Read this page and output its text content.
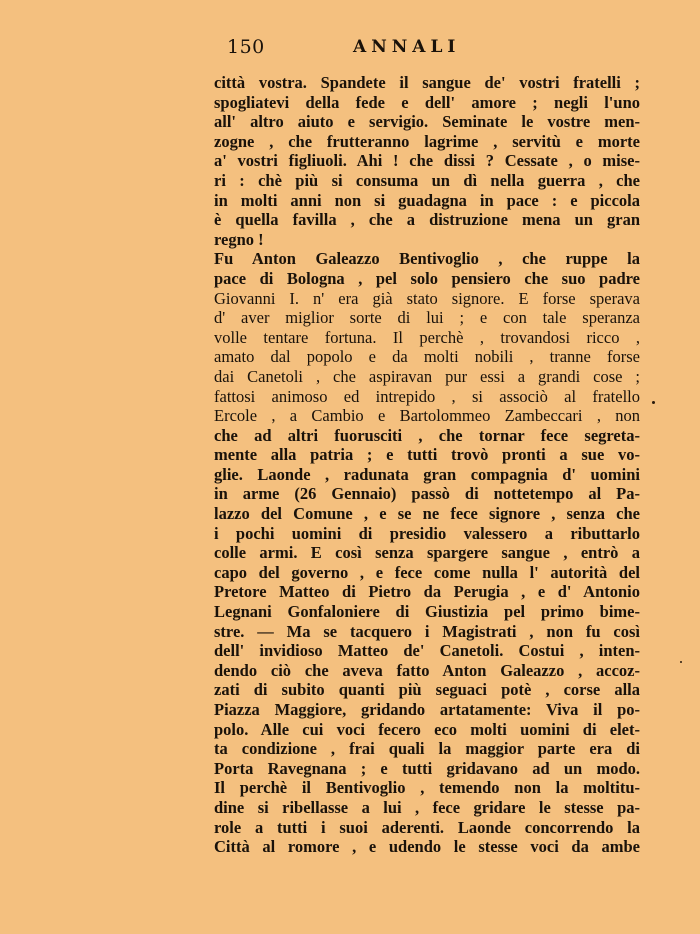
150	ANNALI
città vostra. Spandete il sangue de' vostri fratelli ;
spogliatevi della fede e dell' amore ; negli l'uno
all' altro aiuto e servigio. Seminate le vostre men-
zogne , che frutteranno lagrime , servitù e morte
a' vostri figliuoli. Ahi ! che dissi ? Cessate , o mise-
ri : chè più si consuma un dì nella guerra , che
in molti anni non si guadagna in pace : e piccola
è quella favilla , che a distruzione mena un gran
regno !
Fu Anton Galeazzo Bentivoglio , che ruppe la
pace di Bologna , pel solo pensiero che suo padre
Giovanni I. n' era già stato signore. E forse sperava
d' aver miglior sorte di lui ; e con tale speranza
volle tentare fortuna. Il perchè , trovandosi ricco ,
amato dal popolo e da molti nobili , tranne forse
dai Canetoli , che aspiravan pur essi a grandi cose ;
fattosi animoso ed intrepido , si associò al fratello
Ercole , a Cambio e Bartolommeo Zambeccari , non
che ad altri fuorusciti , che tornar fece segreta-
mente alla patria ; e tutti trovò pronti a sue vo-
glie. Laonde , radunata gran compagnia d' uomini
in arme (26 Gennaio) passò di nottetempo al Pa-
lazzo del Comune , e se ne fece signore , senza che
i pochi uomini di presidio valessero a ributtarlo
colle armi. E così senza spargere sangue , entrò a
capo del governo , e fece come nulla l' autorità del
Pretore Matteo di Pietro da Perugia , e d' Antonio
Legnani Gonfaloniere di Giustizia pel primo bime-
stre. — Ma se tacquero i Magistrati , non fu così
dell' invidioso Matteo de' Canetoli. Costui , inten-
dendo ciò che aveva fatto Anton Galeazzo , accoz-
zati di subito quanti più seguaci potè , corse alla
Piazza Maggiore, gridando artatamente: Viva il po-
polo. Alle cui voci fecero eco molti uomini di elet-
ta condizione , frai quali la maggior parte era di
Porta Ravegnana ; e tutti gridavano ad un modo.
Il perchè il Bentivoglio , temendo non la moltitu-
dine si ribellasse a lui , fece gridare le stesse pa-
role a tutti i suoi aderenti. Laonde concorrendo la
Città al romore , e udendo le stesse voci da ambe
